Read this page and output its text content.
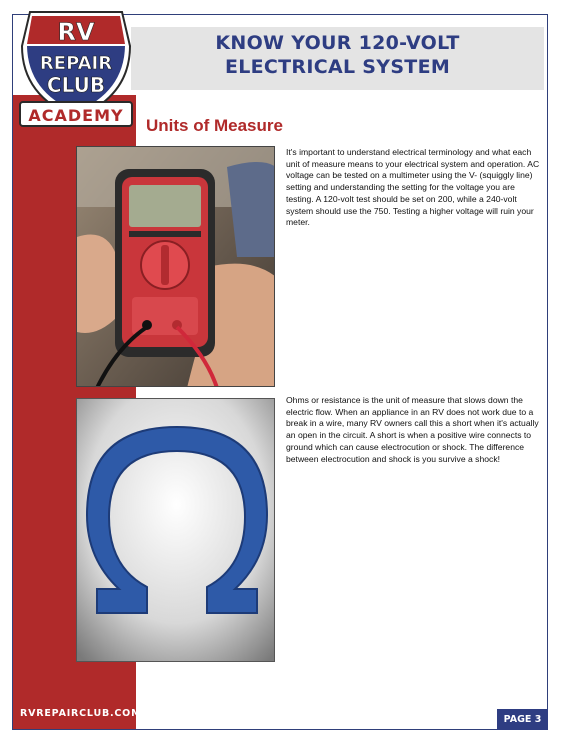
KNOW YOUR 120-VOLT
ELECTRICAL SYSTEM
RV
REPAIR
CLUB
ACADEMY
Units of Measure

It's important to understand electrical terminology and what each unit of measure means to your electrical system and operation. AC voltage can be tested on a multimeter using the V- (squiggly line) setting and understanding the setting for the voltage you are testing. A 120-volt test should be set on 200, while a 240-volt system should use the 750. Testing a higher voltage will ruin your meter.

Ohms or resistance is the unit of measure that slows down the electric flow. When an appliance in an RV does not work due to a break in a wire, many RV owners call this a short when it's actually an open in the circuit. A short is when a positive wire connects to ground which can cause electrocution or shock. The difference between electrocution and shock is you survive a shock!

RVREPAIRCLUB.COM
PAGE 3
